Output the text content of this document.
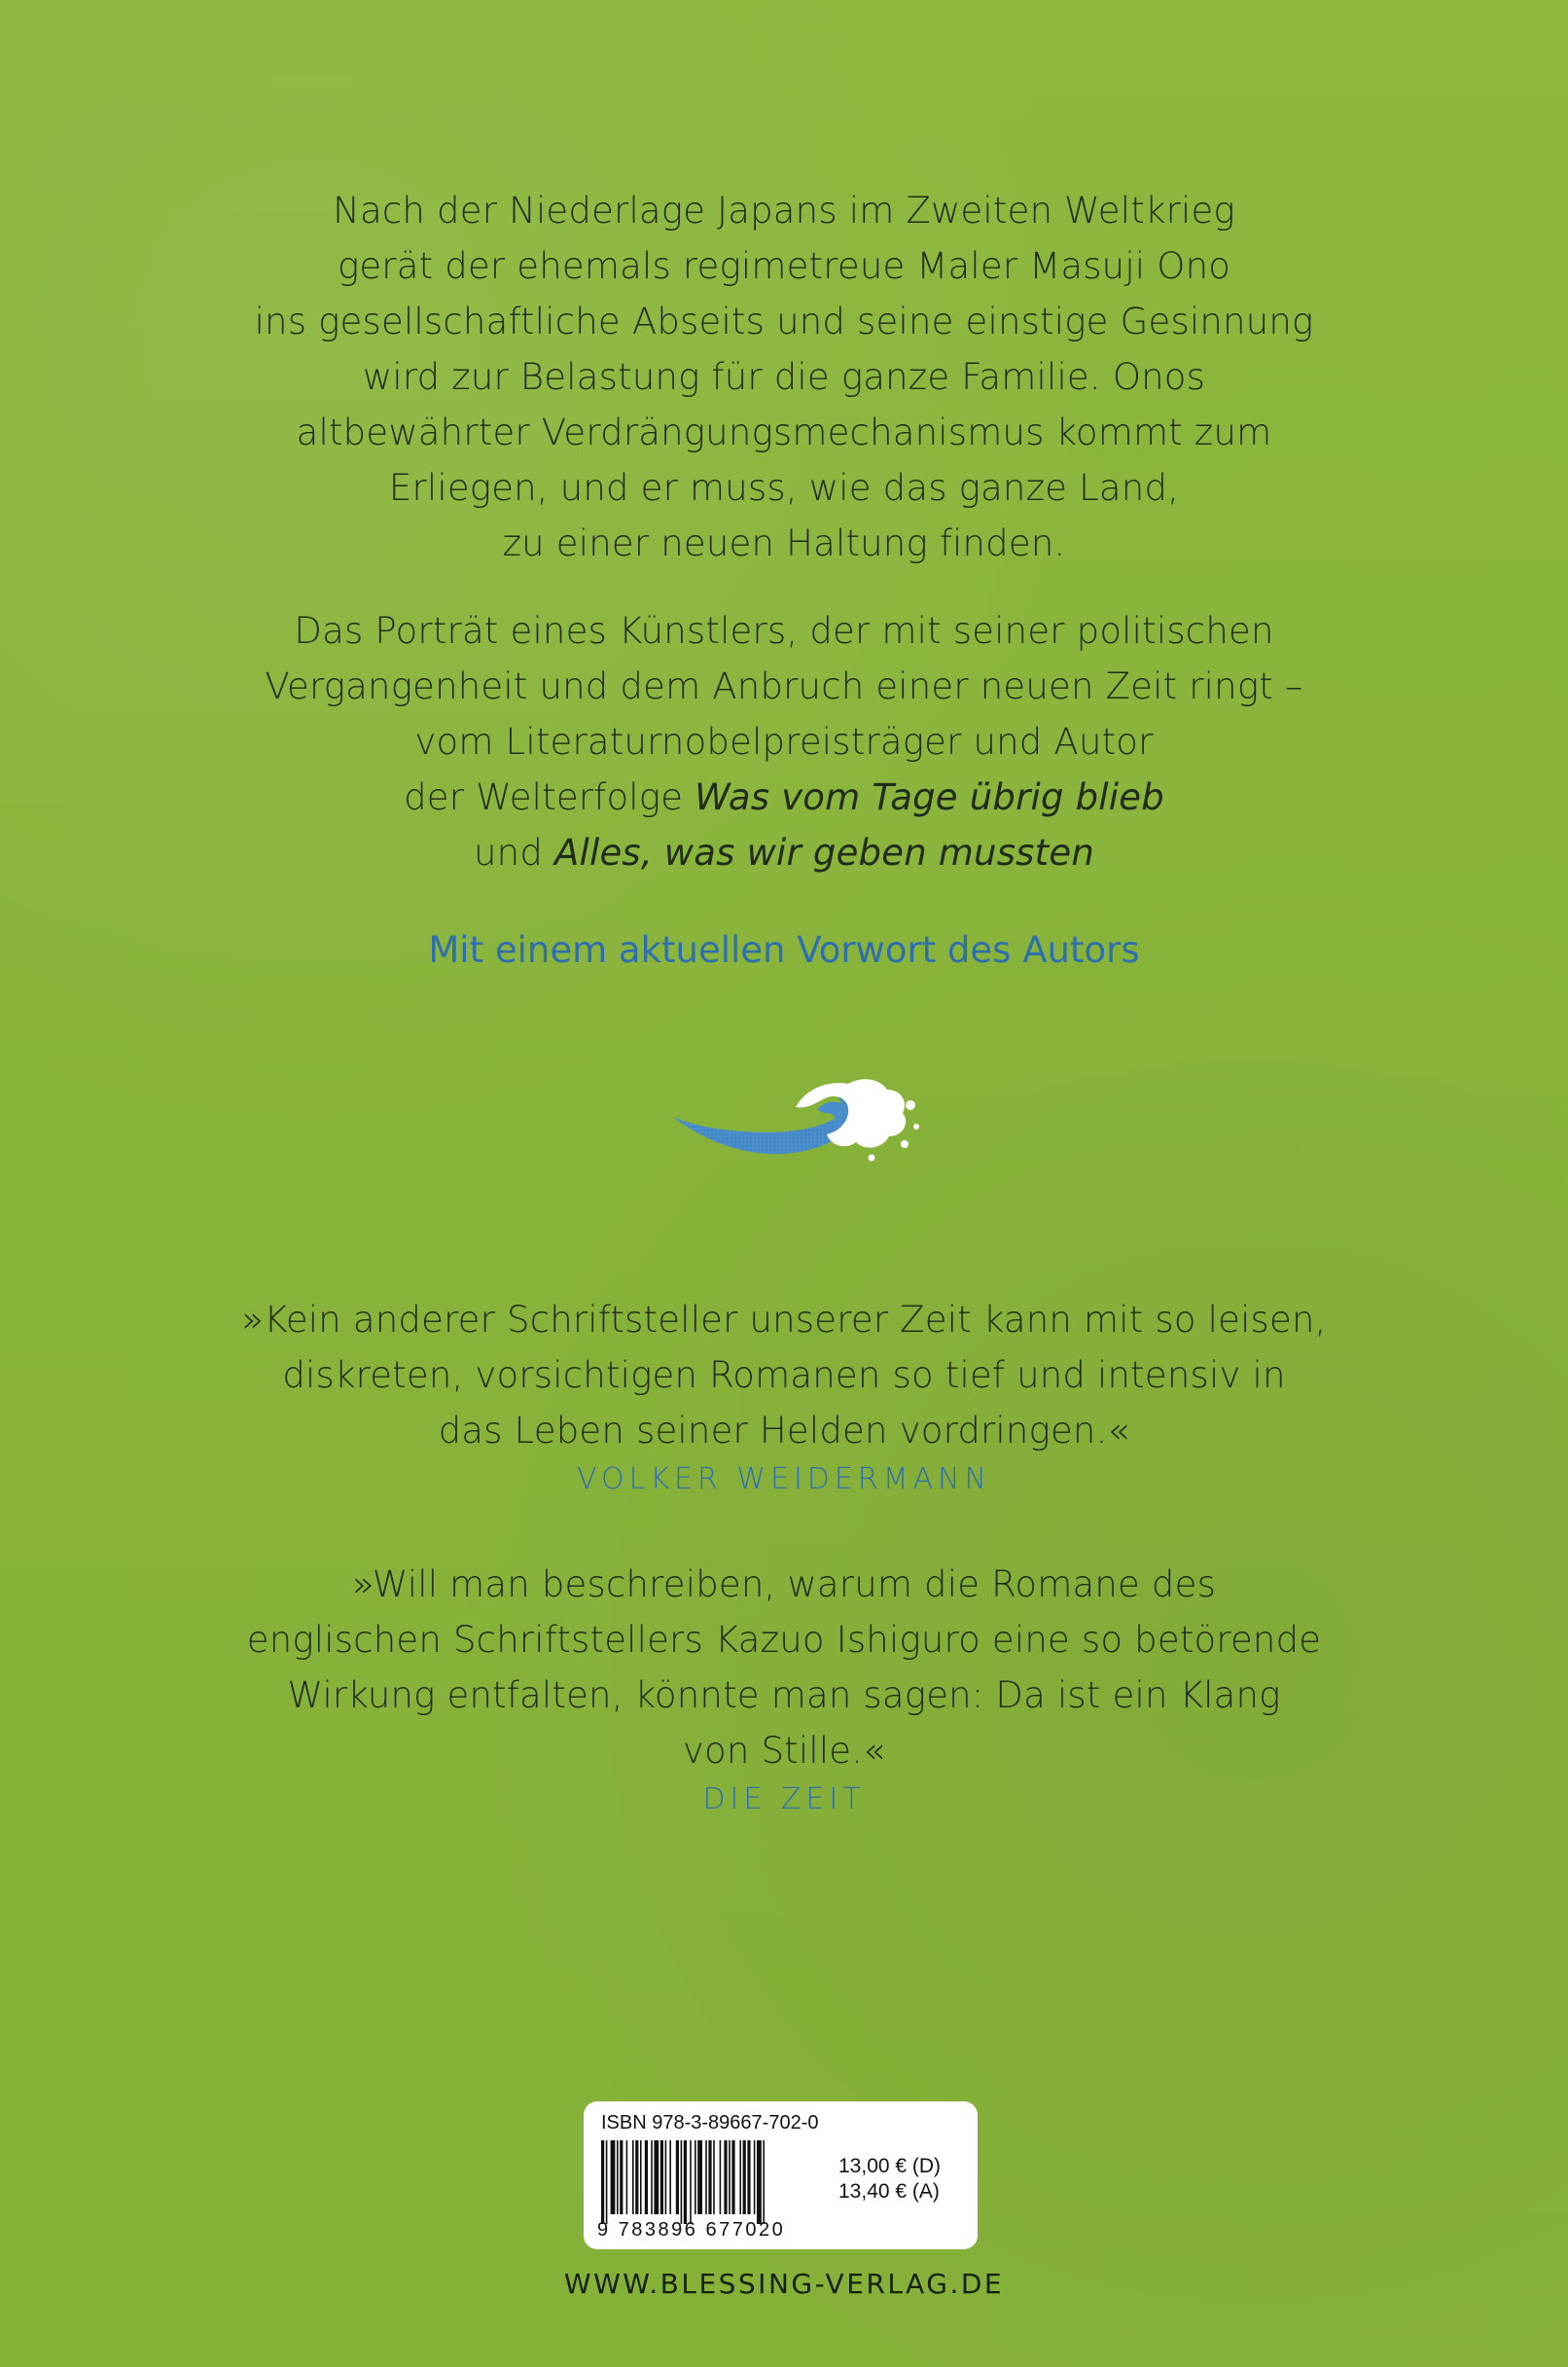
Nach der Niederlage Japans im Zweiten Weltkrieg
gerät der ehemals regimetreue Maler Masuji Ono
ins gesellschaftliche Abseits und seine einstige Gesinnung
wird zur Belastung für die ganze Familie. Onos
altbewährter Verdrängungsmechanismus kommt zum
Erliegen, und er muss, wie das ganze Land,
zu einer neuen Haltung finden.
Das Porträt eines Künstlers, der mit seiner politischen
Vergangenheit und dem Anbruch einer neuen Zeit ringt –
vom Literaturnobelpreisträger und Autor
der Welterfolge Was vom Tage übrig blieb
und Alles, was wir geben mussten
Mit einem aktuellen Vorwort des Autors
»Kein anderer Schriftsteller unserer Zeit kann mit so leisen,
diskreten, vorsichtigen Romanen so tief und intensiv in
das Leben seiner Helden vordringen.«
VOLKER WEIDERMANN
»Will man beschreiben, warum die Romane des
englischen Schriftstellers Kazuo Ishiguro eine so betörende
Wirkung entfalten, könnte man sagen: Da ist ein Klang
von Stille.«
DIE ZEIT
ISBN 978-3-89667-702-0
9 783896 677020
13,00 € (D)
13,40 € (A)
WWW.BLESSING-VERLAG.DE
